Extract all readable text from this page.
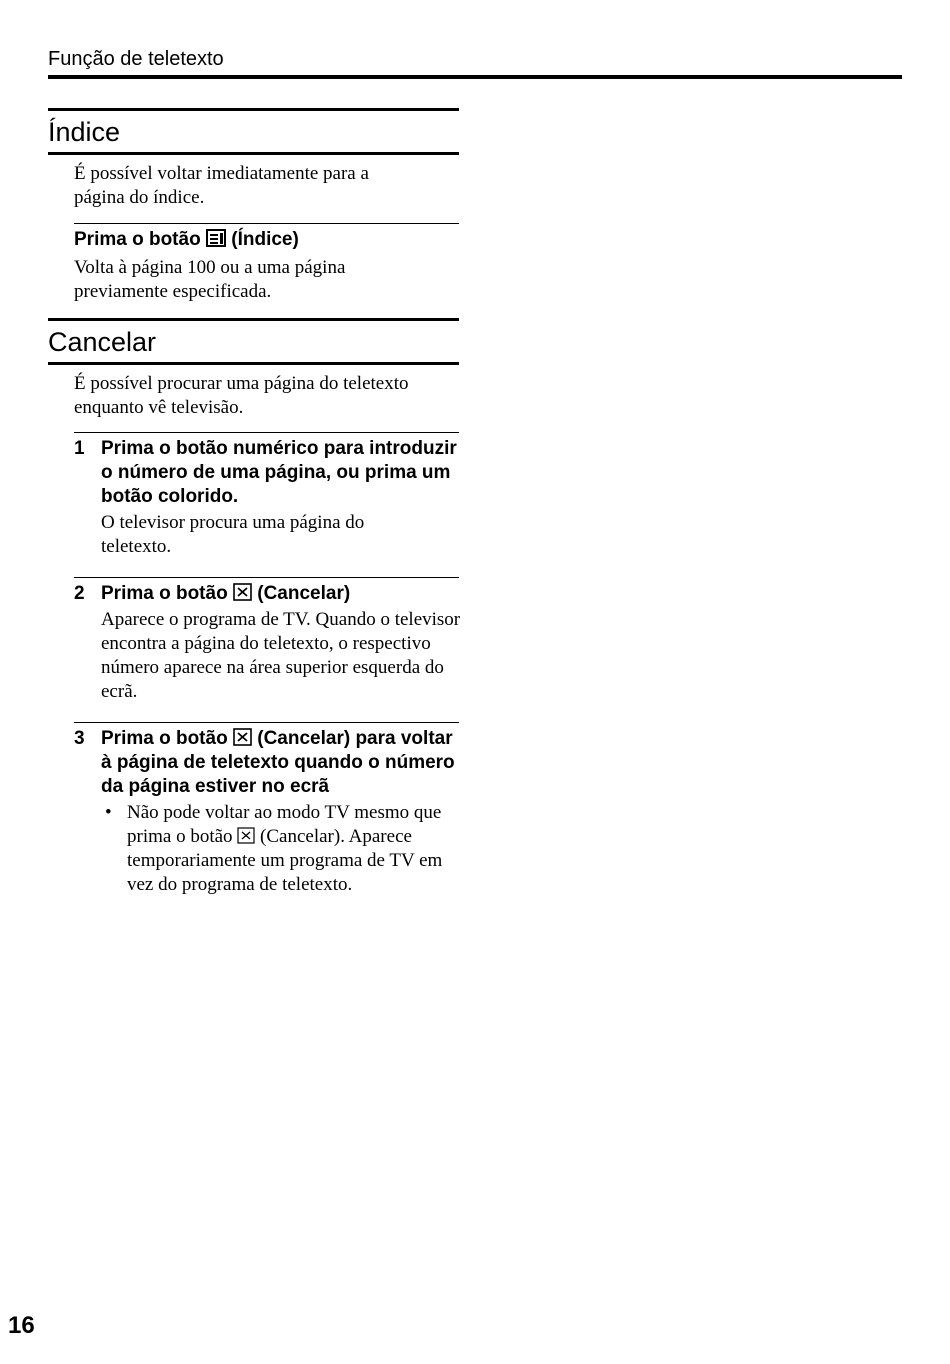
Função de teletexto
Índice
É possível voltar imediatamente para a página do índice.
Prima o botão (Índice)
Volta à página 100 ou a uma página previamente especificada.
Cancelar
É possível procurar uma página do teletexto enquanto vê televisão.
1 Prima o botão numérico para introduzir o número de uma página, ou prima um botão colorido.
O televisor procura uma página do teletexto.
2 Prima o botão (Cancelar)
Aparece o programa de TV. Quando o televisor encontra a página do teletexto, o respectivo número aparece na área superior esquerda do ecrã.
3 Prima o botão (Cancelar) para voltar à página de teletexto quando o número da página estiver no ecrã
• Não pode voltar ao modo TV mesmo que prima o botão (Cancelar). Aparece temporariamente um programa de TV em vez do programa de teletexto.
16
